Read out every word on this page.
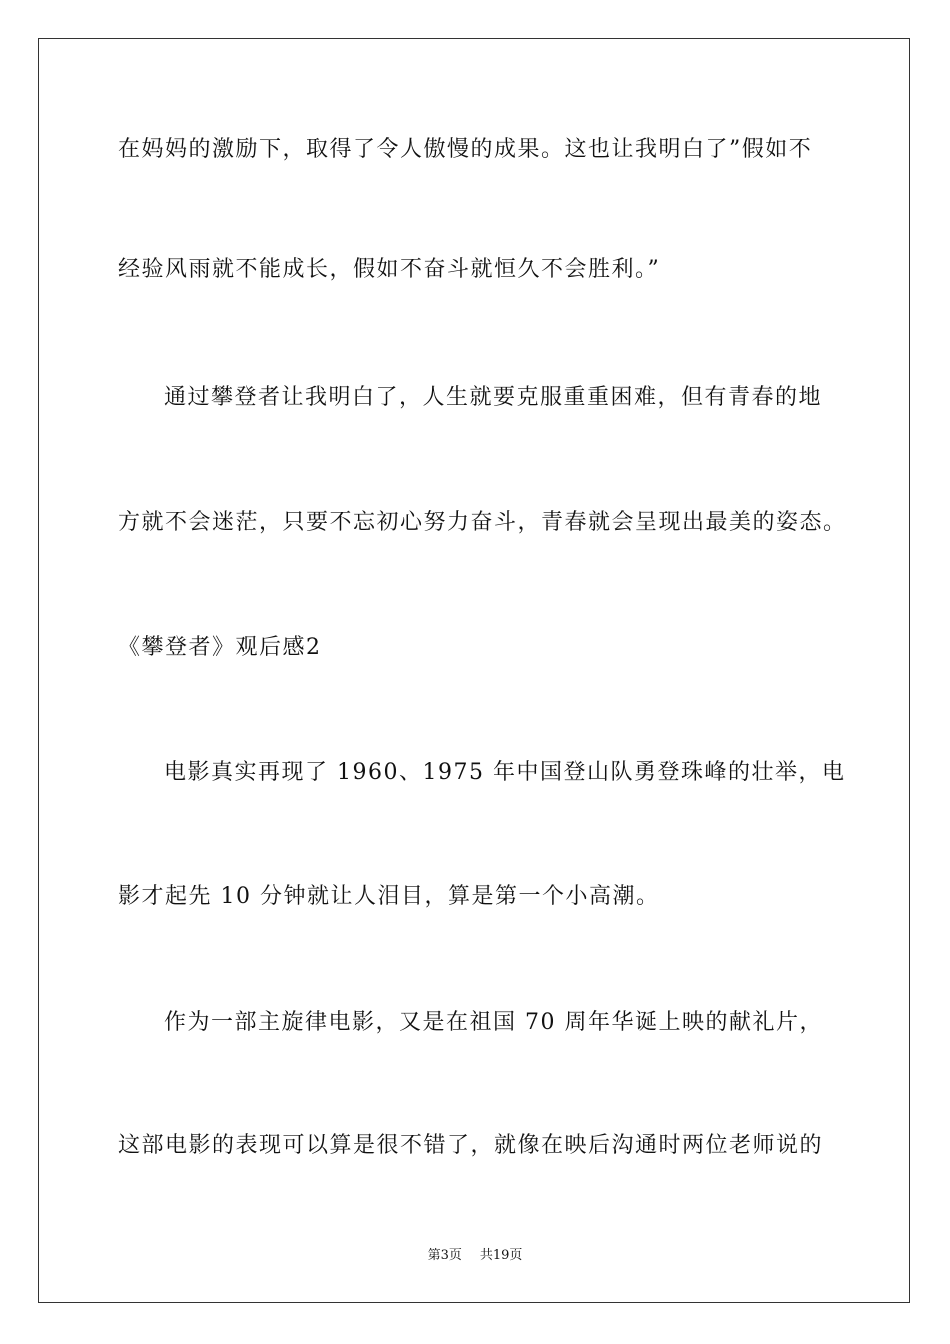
在妈妈的激励下，取得了令人傲慢的成果。这也让我明白了”假如不
经验风雨就不能成长，假如不奋斗就恒久不会胜利。”
通过攀登者让我明白了，人生就要克服重重困难，但有青春的地
方就不会迷茫，只要不忘初心努力奋斗，青春就会呈现出最美的姿态。
《攀登者》观后感2
电影真实再现了 1960、1975 年中国登山队勇登珠峰的壮举，电
影才起先 10 分钟就让人泪目，算是第一个小高潮。
作为一部主旋律电影，又是在祖国 70 周年华诞上映的献礼片，
这部电影的表现可以算是很不错了，就像在映后沟通时两位老师说的
第3页 共19页
